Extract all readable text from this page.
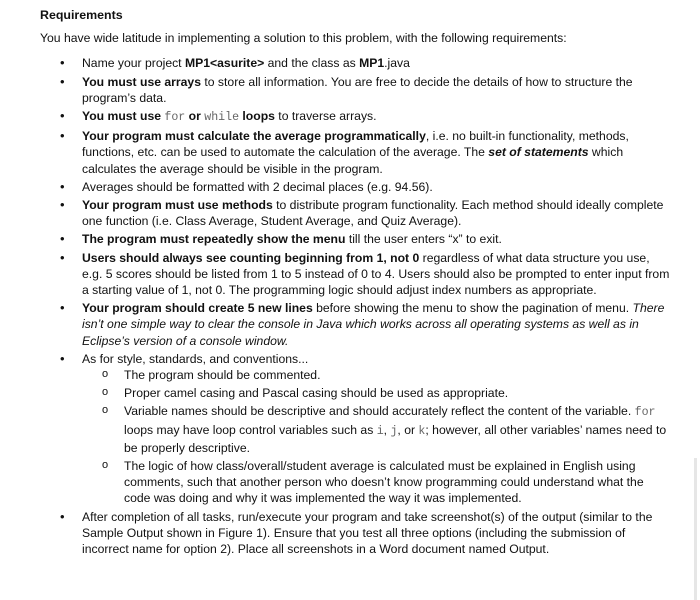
Requirements
You have wide latitude in implementing a solution to this problem, with the following requirements:
• Name your project MP1<asurite> and the class as MP1.java
• You must use arrays to store all information. You are free to decide the details of how to structure the program’s data.
• You must use for or while loops to traverse arrays.
• Your program must calculate the average programmatically, i.e. no built-in functionality, methods, functions, etc. can be used to automate the calculation of the average. The set of statements which calculates the average should be visible in the program.
• Averages should be formatted with 2 decimal places (e.g. 94.56).
• Your program must use methods to distribute program functionality. Each method should ideally complete one function (i.e. Class Average, Student Average, and Quiz Average).
• The program must repeatedly show the menu till the user enters “x” to exit.
• Users should always see counting beginning from 1, not 0 regardless of what data structure you use, e.g. 5 scores should be listed from 1 to 5 instead of 0 to 4. Users should also be prompted to enter input from a starting value of 1, not 0. The programming logic should adjust index numbers as appropriate.
• Your program should create 5 new lines before showing the menu to show the pagination of menu. There isn’t one simple way to clear the console in Java which works across all operating systems as well as in Eclipse’s version of a console window.
• As for style, standards, and conventions...
o The program should be commented.
o Proper camel casing and Pascal casing should be used as appropriate.
o Variable names should be descriptive and should accurately reflect the content of the variable. for loops may have loop control variables such as i, j, or k; however, all other variables’ names need to be properly descriptive.
o The logic of how class/overall/student average is calculated must be explained in English using comments, such that another person who doesn’t know programming could understand what the code was doing and why it was implemented the way it was implemented.
• After completion of all tasks, run/execute your program and take screenshot(s) of the output (similar to the Sample Output shown in Figure 1). Ensure that you test all three options (including the submission of incorrect name for option 2). Place all screenshots in a Word document named Output.
